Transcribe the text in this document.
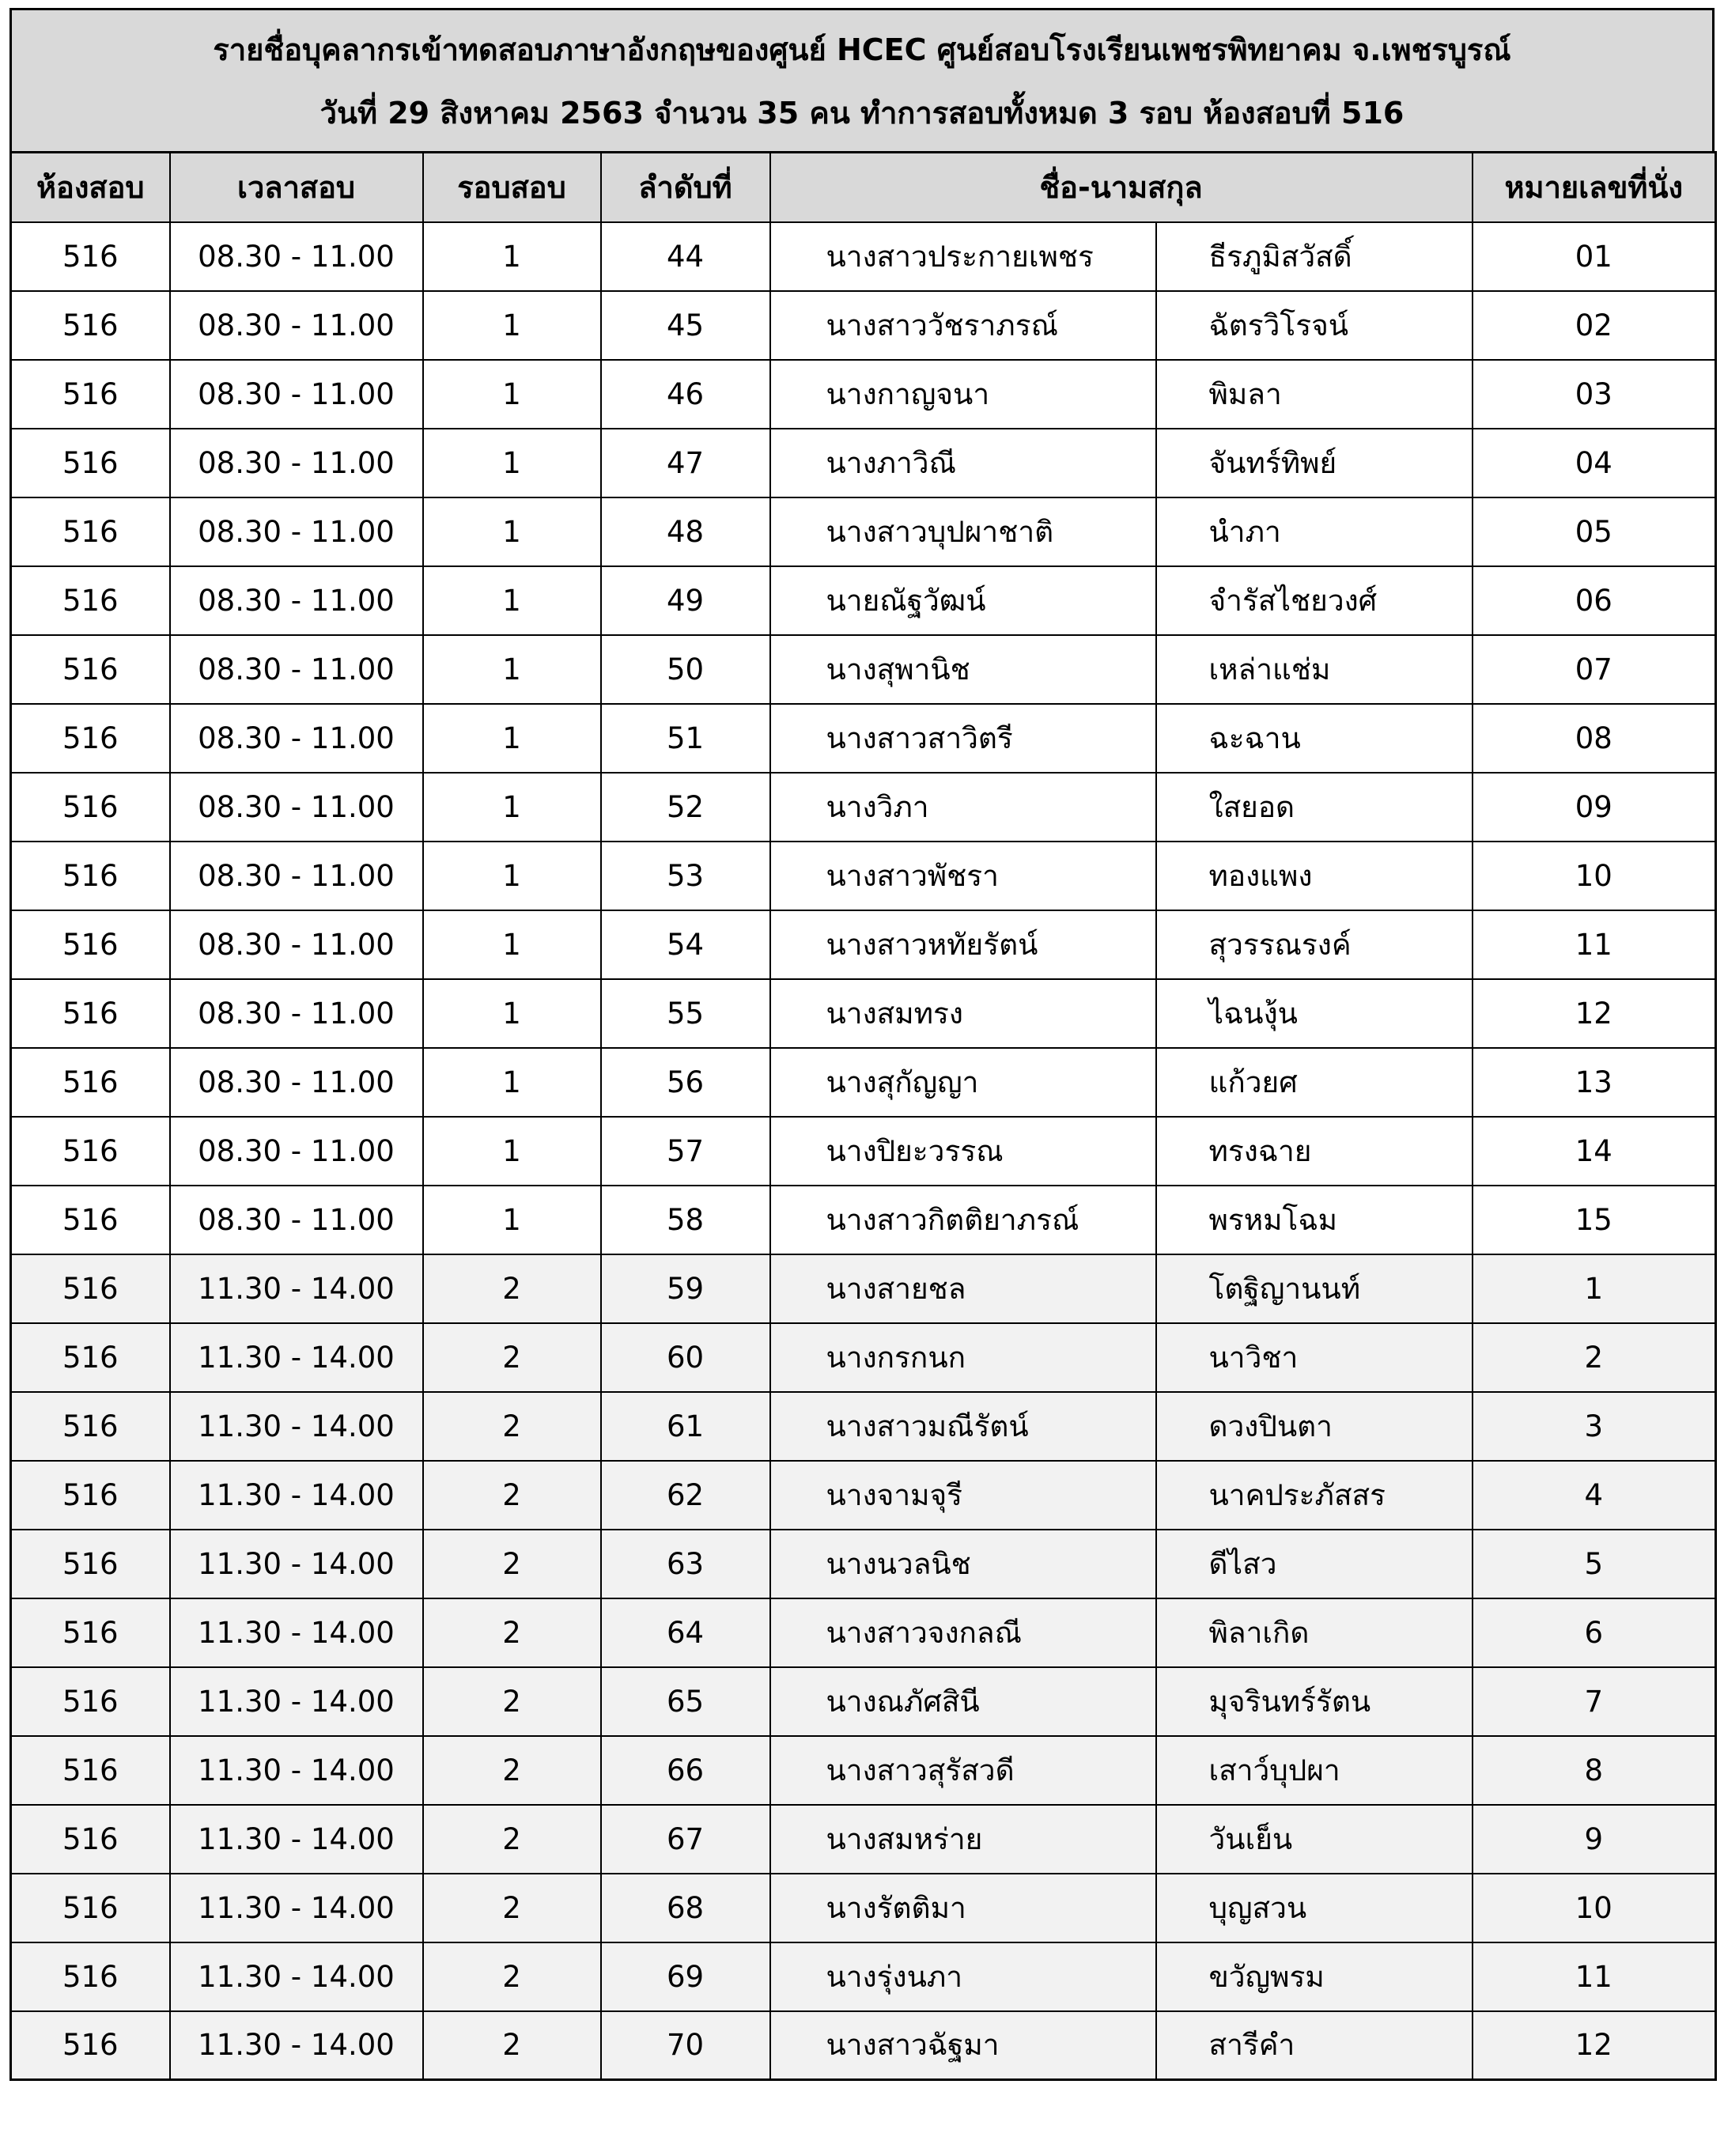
รายชื่อบุคลากรเข้าทดสอบภาษาอังกฤษของศูนย์ HCEC ศูนย์สอบโรงเรียนเพชรพิทยาคม จ.เพชรบูรณ์
วันที่ 29 สิงหาคม 2563 จำนวน 35 คน ทำการสอบทั้งหมด 3 รอบ ห้องสอบที่ 516
ห้องสอบ	เวลาสอบ	รอบสอบ	ลำดับที่	ชื่อ-นามสกุล		หมายเลขที่นั่ง
516	08.30 - 11.00	1	44	นางสาวประกายเพชร	ธีรภูมิสวัสดิ์	01
516	08.30 - 11.00	1	45	นางสาววัชราภรณ์	ฉัตรวิโรจน์	02
516	08.30 - 11.00	1	46	นางกาญจนา	พิมลา	03
516	08.30 - 11.00	1	47	นางภาวิณี	จันทร์ทิพย์	04
516	08.30 - 11.00	1	48	นางสาวบุปผาชาติ	นำภา	05
516	08.30 - 11.00	1	49	นายณัฐวัฒน์	จำรัสไชยวงศ์	06
516	08.30 - 11.00	1	50	นางสุพานิช	เหล่าแช่ม	07
516	08.30 - 11.00	1	51	นางสาวสาวิตรี	ฉะฉาน	08
516	08.30 - 11.00	1	52	นางวิภา	ใสยอด	09
516	08.30 - 11.00	1	53	นางสาวพัชรา	ทองแพง	10
516	08.30 - 11.00	1	54	นางสาวหทัยรัตน์	สุวรรณรงค์	11
516	08.30 - 11.00	1	55	นางสมทรง	ไฉนงุ้น	12
516	08.30 - 11.00	1	56	นางสุกัญญา	แก้วยศ	13
516	08.30 - 11.00	1	57	นางปิยะวรรณ	ทรงฉาย	14
516	08.30 - 11.00	1	58	นางสาวกิตติยาภรณ์	พรหมโฉม	15
516	11.30 - 14.00	2	59	นางสายชล	โตฐิญานนท์	1
516	11.30 - 14.00	2	60	นางกรกนก	นาวิชา	2
516	11.30 - 14.00	2	61	นางสาวมณีรัตน์	ดวงปินตา	3
516	11.30 - 14.00	2	62	นางจามจุรี	นาคประภัสสร	4
516	11.30 - 14.00	2	63	นางนวลนิช	ดีไสว	5
516	11.30 - 14.00	2	64	นางสาวจงกลณี	พิลาเกิด	6
516	11.30 - 14.00	2	65	นางณภัศสินี	มุจรินทร์รัตน	7
516	11.30 - 14.00	2	66	นางสาวสุรัสวดี	เสาว์บุปผา	8
516	11.30 - 14.00	2	67	นางสมหร่าย	วันเย็น	9
516	11.30 - 14.00	2	68	นางรัตติมา	บุญสวน	10
516	11.30 - 14.00	2	69	นางรุ่งนภา	ขวัญพรม	11
516	11.30 - 14.00	2	70	นางสาวฉัฐมา	สารีคำ	12
